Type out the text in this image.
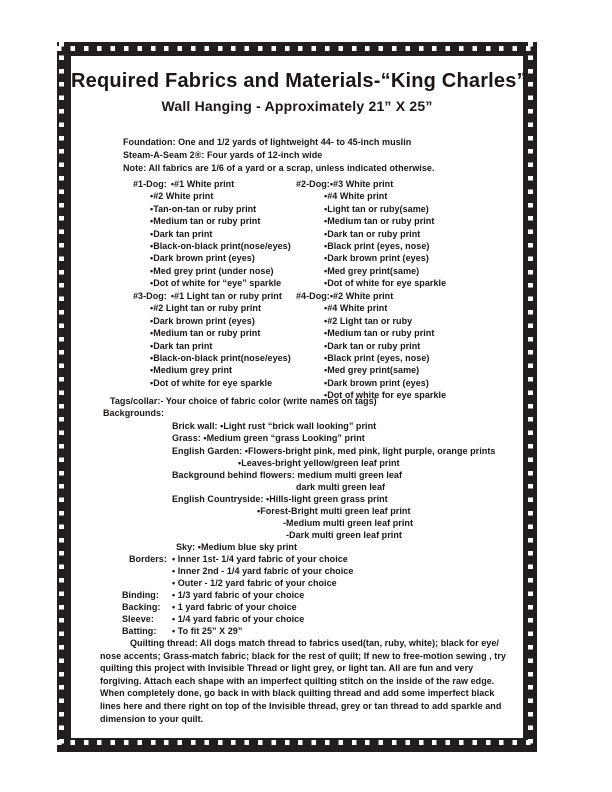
Required Fabrics and Materials-“King Charles”
Wall Hanging - Approximately 21” X 25”
Foundation: One and 1/2 yards of lightweight 44- to 45-inch muslin
Steam-A-Seam 2®: Four yards of 12-inch wide
Note: All fabrics are 1/6 of a yard or a scrap, unless indicated otherwise.
#1-Dog: •#1 White print
•#2 White print
•Tan-on-tan or ruby print
•Medium tan or ruby print
•Dark tan print
•Black-on-black print(nose/eyes)
•Dark brown print (eyes)
•Med grey print (under nose)
•Dot of white for “eye” sparkle
#2-Dog:•#3 White print
•#4 White print
•Light tan or ruby(same)
•Medium tan or ruby print
•Dark tan or ruby print
•Black print (eyes, nose)
•Dark brown print (eyes)
•Med grey print(same)
•Dot of white for eye sparkle
#3-Dog: •#1 Light tan or ruby print
•#2 Light tan or ruby print
•Dark brown print (eyes)
•Medium tan or ruby print
•Dark tan print
•Black-on-black print(nose/eyes)
•Medium grey print
•Dot of white for eye sparkle
#4-Dog:•#2 White print
•#4 White print
•#2 Light tan or ruby
•Medium tan or ruby print
•Dark tan or ruby print
•Black print (eyes, nose)
•Med grey print(same)
•Dark brown print (eyes)
•Dot of white for eye sparkle
Tags/collar:- Your choice of fabric color (write names on tags)
Backgrounds:
Brick wall: •Light rust “brick wall looking” print
Grass: •Medium green “grass Looking” print
English Garden: •Flowers-bright pink, med pink, light purple, orange prints
•Leaves-bright yellow/green leaf print
Background behind flowers: medium multi green leaf
dark multi green leaf
English Countryside: •Hills-light green grass print
•Forest-Bright multi green leaf print
-Medium multi green leaf print
-Dark multi green leaf print
Sky: •Medium blue sky print
Borders: • Inner 1st- 1/4 yard fabric of your choice
• Inner 2nd - 1/4 yard fabric of your choice
• Outer - 1/2 yard fabric of your choice
Binding: • 1/3 yard fabric of your choice
Backing: • 1 yard fabric of your choice
Sleeve: • 1/4 yard fabric of your choice
Batting: • To fit 25” X 29”
Quilting thread: All dogs match thread to fabrics used(tan, ruby, white); black for eye/ nose accents; Grass-match fabric; black for the rest of quilt; If new to free-motion sewing , try quilting this project with Invisible Thread or light grey, or light tan. All are fun and very forgiving. Attach each shape with an imperfect quilting stitch on the inside of the raw edge. When completely done, go back in with black quilting thread and add some imperfect black lines here and there right on top of the Invisible thread, grey or tan thread to add sparkle and dimension to your quilt.
